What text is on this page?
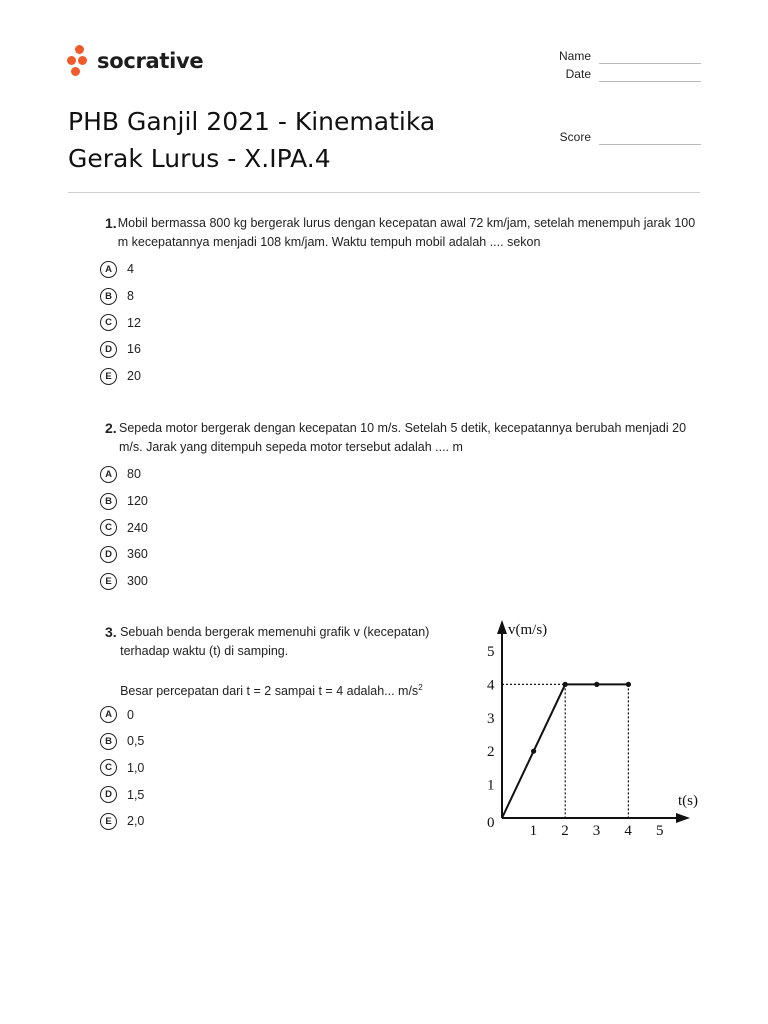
socrative	Name
Date
Score
PHB Ganjil 2021 - Kinematika Gerak Lurus - X.IPA.4
1. Mobil bermassa 800 kg bergerak lurus dengan kecepatan awal 72 km/jam, setelah menempuh jarak 100 m kecepatannya menjadi 108 km/jam. Waktu tempuh mobil adalah .... sekon
A	4
B	8
C	12
D	16
E	20
2. Sepeda motor bergerak dengan kecepatan 10 m/s. Setelah 5 detik, kecepatannya berubah menjadi 20 m/s. Jarak yang ditempuh sepeda motor tersebut adalah .... m
A	80
B	120
C	240
D	360
E	300
3. Sebuah benda bergerak memenuhi grafik v (kecepatan) terhadap waktu (t) di samping.
Besar percepatan dari t = 2 sampai t = 4 adalah... $m/s^2$
A	0
B	0,5
C	1,0
D	1,5
E	2,0
v(m/s)
t(s)
0
1
2
3
4
5
1 2 3 4 5
